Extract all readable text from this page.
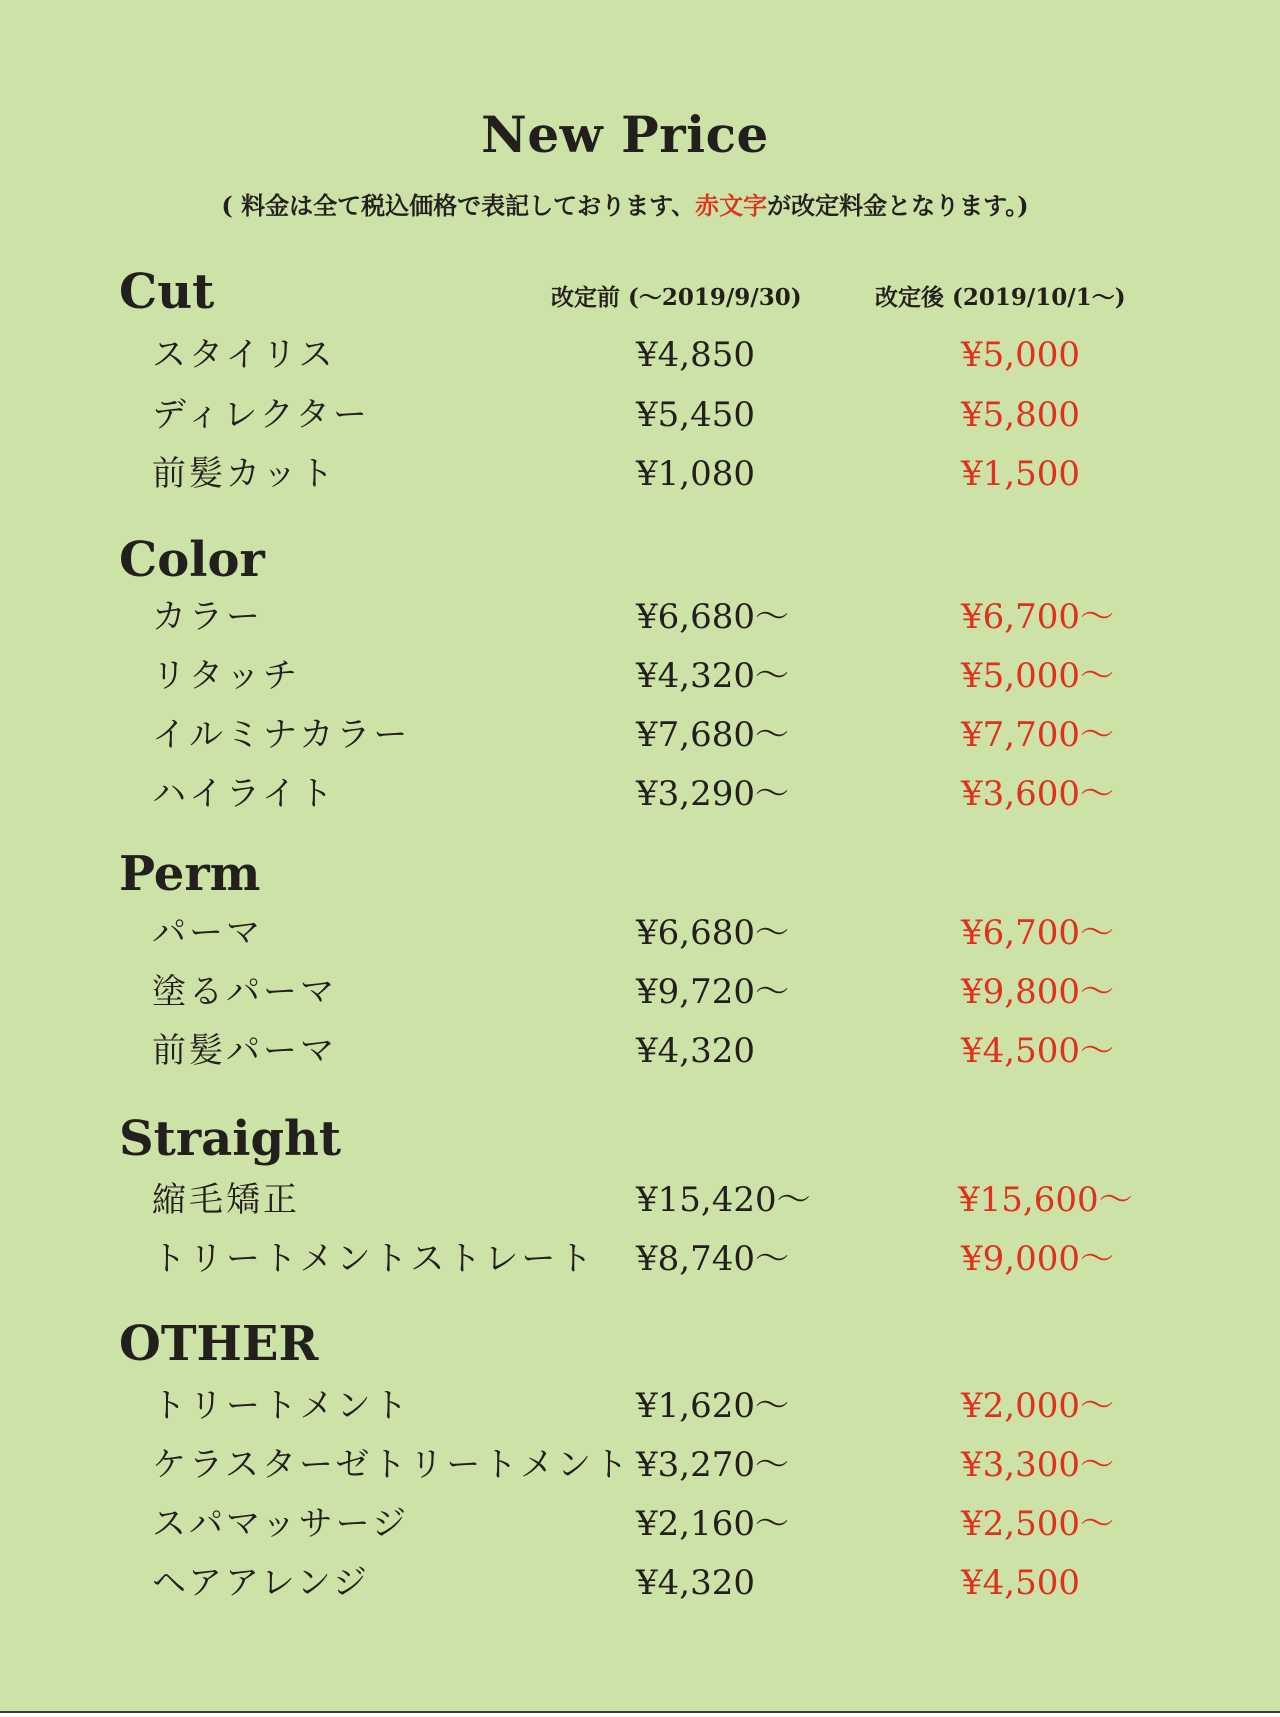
New Price
( 料金は全て税込価格で表記しております、赤文字が改定料金となります。)
改定前 (〜2019/9/30)	改定後 (2019/10/1〜)
Cut
スタイリス	¥4,850	¥5,000
ディレクター	¥5,450	¥5,800
前髪カット	¥1,080	¥1,500
Color
カラー	¥6,680〜	¥6,700〜
リタッチ	¥4,320〜	¥5,000〜
イルミナカラー	¥7,680〜	¥7,700〜
ハイライト	¥3,290〜	¥3,600〜
Perm
パーマ	¥6,680〜	¥6,700〜
塗るパーマ	¥9,720〜	¥9,800〜
前髪パーマ	¥4,320	¥4,500〜
Straight
縮毛矯正	¥15,420〜	¥15,600〜
トリートメントストレート ¥8,740〜	¥9,000〜
OTHER
トリートメント	¥1,620〜	¥2,000〜
ケラスターゼトリートメント ¥3,270〜	¥3,300〜
スパマッサージ	¥2,160〜	¥2,500〜
ヘアアレンジ	¥4,320	¥4,500
